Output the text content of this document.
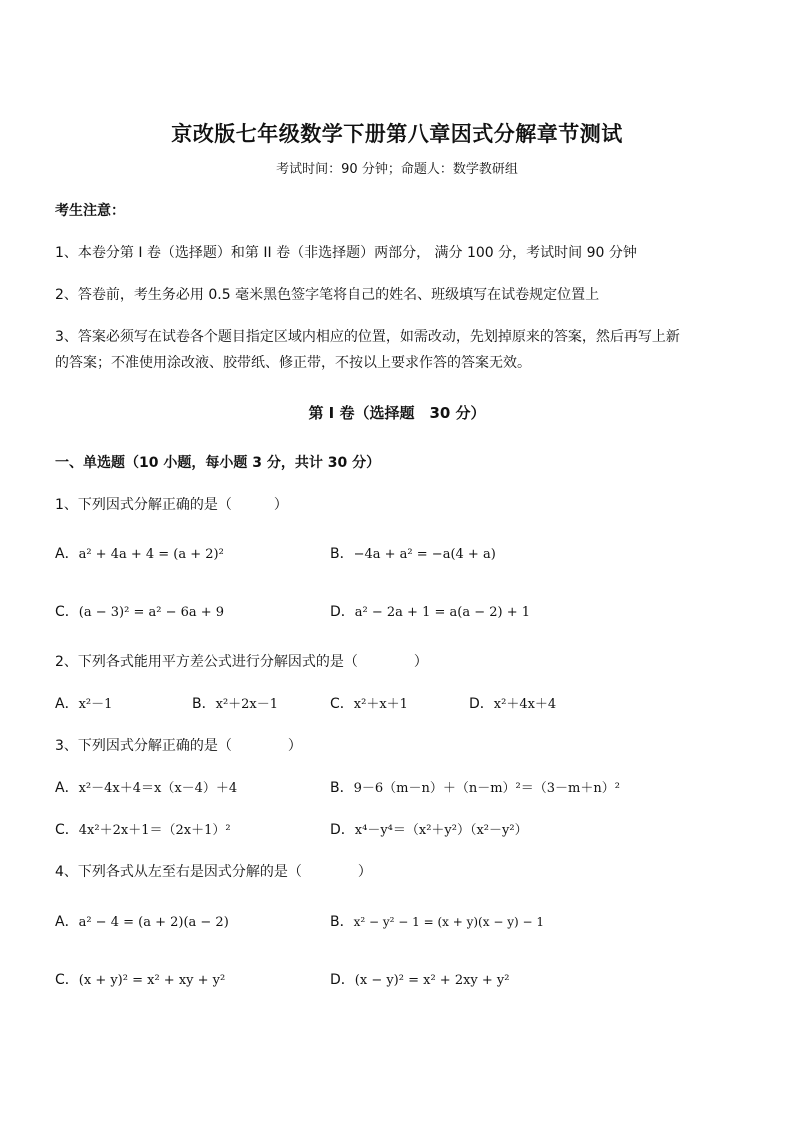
京改版七年级数学下册第八章因式分解章节测试
考试时间：90 分钟；命题人：数学教研组
考生注意：
1、本卷分第 I 卷（选择题）和第 II 卷（非选择题）两部分， 满分 100 分，考试时间 90 分钟
2、答卷前，考生务必用 0.5 毫米黑色签字笔将自己的姓名、班级填写在试卷规定位置上
3、答案必须写在试卷各个题目指定区域内相应的位置，如需改动，先划掉原来的答案，然后再写上新
的答案；不准使用涂改液、胶带纸、修正带，不按以上要求作答的答案无效。
第 I 卷（选择题　30 分）
一、单选题（10 小题，每小题 3 分，共计 30 分）
1、下列因式分解正确的是（　　　）
A．a² + 4a + 4 = (a + 2)²	B．−4a + a² = −a(4 + a)
C．(a − 3)² = a² − 6a + 9	D．a² − 2a + 1 = a(a − 2) + 1
2、下列各式能用平方差公式进行分解因式的是（　　　　）
A．x²－1	B．x²＋2x－1	C．x²＋x＋1	D．x²＋4x＋4
3、下列因式分解正确的是（　　　　）
A．x²－4x＋4＝x（x－4）＋4	B．9－6（m－n）＋（n－m）²＝（3－m＋n）²
C．4x²＋2x＋1＝（2x＋1）²	D．x⁴－y⁴＝（x²＋y²）（x²－y²）
4、下列各式从左至右是因式分解的是（　　　　）
A．a² − 4 = (a + 2)(a − 2)	B．x² − y² − 1 = (x + y)(x − y) − 1
C．(x + y)² = x² + xy + y²	D．(x − y)² = x² + 2xy + y²
